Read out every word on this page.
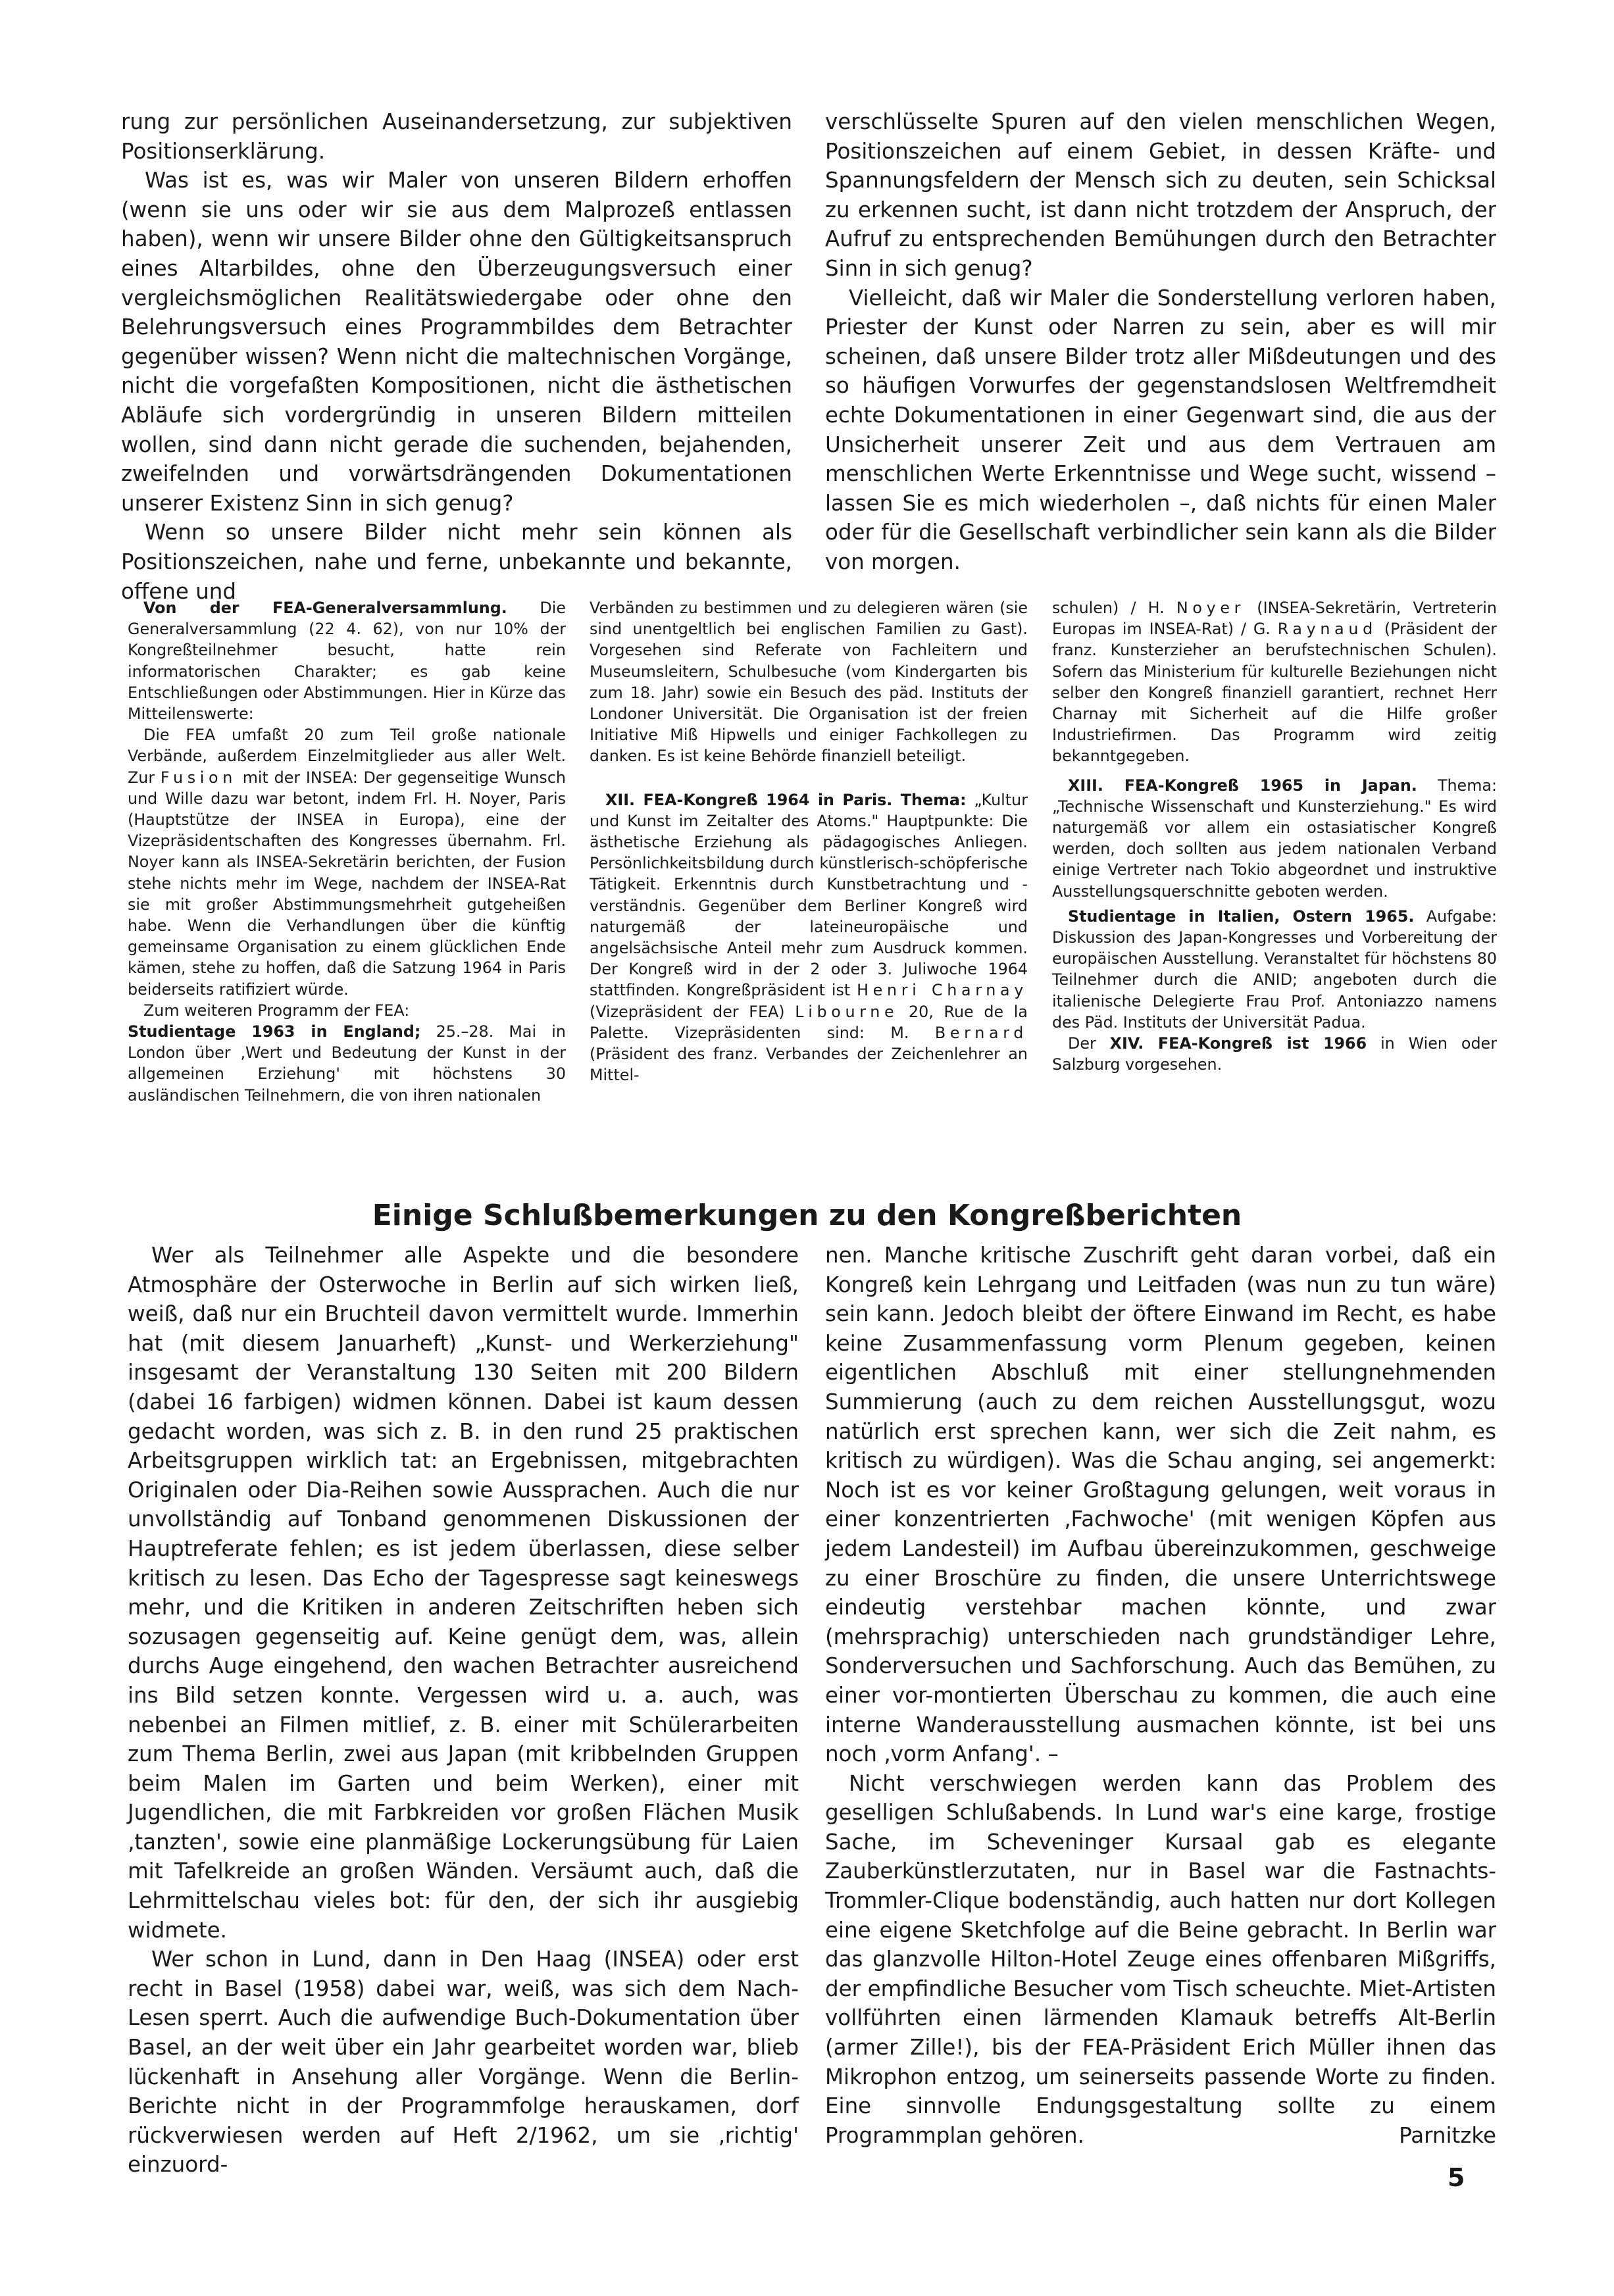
rung zur persönlichen Auseinandersetzung, zur subjektiven Positionserklärung.

Was ist es, was wir Maler von unseren Bildern erhoffen (wenn sie uns oder wir sie aus dem Malprozeß entlassen haben), wenn wir unsere Bilder ohne den Gültigkeitsanspruch eines Altarbildes, ohne den Überzeugungsversuch einer vergleichsmöglichen Realitätswiedergabe oder ohne den Belehrungsversuch eines Programmbildes dem Betrachter gegenüber wissen? Wenn nicht die maltechnischen Vorgänge, nicht die vorgefaßten Kompositionen, nicht die ästhetischen Abläufe sich vordergründig in unseren Bildern mitteilen wollen, sind dann nicht gerade die suchenden, bejahenden, zweifelnden und vorwärtsdrängenden Dokumentationen unserer Existenz Sinn in sich genug?

Wenn so unsere Bilder nicht mehr sein können als Positionszeichen, nahe und ferne, unbekannte und bekannte, offene und

verschlüsselte Spuren auf den vielen menschlichen Wegen, Positionszeichen auf einem Gebiet, in dessen Kräfte- und Spannungsfeldern der Mensch sich zu deuten, sein Schicksal zu erkennen sucht, ist dann nicht trotzdem der Anspruch, der Aufruf zu entsprechenden Bemühungen durch den Betrachter Sinn in sich genug?

Vielleicht, daß wir Maler die Sonderstellung verloren haben, Priester der Kunst oder Narren zu sein, aber es will mir scheinen, daß unsere Bilder trotz aller Mißdeutungen und des so häufigen Vorwurfes der gegenstandslosen Weltfremdheit echte Dokumentationen in einer Gegenwart sind, die aus der Unsicherheit unserer Zeit und aus dem Vertrauen am menschlichen Werte Erkenntnisse und Wege sucht, wissend – lassen Sie es mich wiederholen –, daß nichts für einen Maler oder für die Gesellschaft verbindlicher sein kann als die Bilder von morgen.

Von der FEA-Generalversammlung. Die Generalversammlung (22 4. 62), von nur 10% der Kongreßteilnehmer besucht, hatte rein informatorischen Charakter; es gab keine Entschließungen oder Abstimmungen. Hier in Kürze das Mitteilenswerte:

Die FEA umfaßt 20 zum Teil große nationale Verbände, außerdem Einzelmitglieder aus aller Welt. Zur Fusion mit der INSEA: Der gegenseitige Wunsch und Wille dazu war betont, indem Frl. H. Noyer, Paris (Hauptstütze der INSEA in Europa), eine der Vizepräsidentschaften des Kongresses übernahm. Frl. Noyer kann als INSEA-Sekretärin berichten, der Fusion stehe nichts mehr im Wege, nachdem der INSEA-Rat sie mit großer Abstimmungsmehrheit gutgeheißen habe. Wenn die Verhandlungen über die künftig gemeinsame Organisation zu einem glücklichen Ende kämen, stehe zu hoffen, daß die Satzung 1964 in Paris beiderseits ratifiziert würde.

Zum weiteren Programm der FEA:

Studientage 1963 in England; 25.–28. Mai in London über ‚Wert und Bedeutung der Kunst in der allgemeinen Erziehung' mit höchstens 30 ausländischen Teilnehmern, die von ihren nationalen

Verbänden zu bestimmen und zu delegieren wären (sie sind unentgeltlich bei englischen Familien zu Gast). Vorgesehen sind Referate von Fachleitern und Museumsleitern, Schulbesuche (vom Kindergarten bis zum 18. Jahr) sowie ein Besuch des päd. Instituts der Londoner Universität. Die Organisation ist der freien Initiative Miß Hipwells und einiger Fachkollegen zu danken. Es ist keine Behörde finanziell beteiligt.

XII. FEA-Kongreß 1964 in Paris. Thema: „Kultur und Kunst im Zeitalter des Atoms." Hauptpunkte: Die ästhetische Erziehung als pädagogisches Anliegen. Persönlichkeitsbildung durch künstlerisch-schöpferische Tätigkeit. Erkenntnis durch Kunstbetrachtung und -verständnis. Gegenüber dem Berliner Kongreß wird naturgemäß der lateineuropäische und angelsächsische Anteil mehr zum Ausdruck kommen. Der Kongreß wird in der 2 oder 3. Juliwoche 1964 stattfinden. Kongreßpräsident ist Henri Charnay (Vizepräsident der FEA) Libourne 20, Rue de la Palette. Vizepräsidenten sind: M. Bernard (Präsident des franz. Verbandes der Zeichenlehrer an Mittel-

schulen) / H. Noyer (INSEA-Sekretärin, Vertreterin Europas im INSEA-Rat) / G. Raynaud (Präsident der franz. Kunsterzieher an berufstechnischen Schulen). Sofern das Ministerium für kulturelle Beziehungen nicht selber den Kongreß finanziell garantiert, rechnet Herr Charnay mit Sicherheit auf die Hilfe großer Industriefirmen. Das Programm wird zeitig bekanntgegeben.

XIII. FEA-Kongreß 1965 in Japan. Thema: „Technische Wissenschaft und Kunsterziehung." Es wird naturgemäß vor allem ein ostasiatischer Kongreß werden, doch sollten aus jedem nationalen Verband einige Vertreter nach Tokio abgeordnet und instruktive Ausstellungsquerschnitte geboten werden.

Studientage in Italien, Ostern 1965. Aufgabe: Diskussion des Japan-Kongresses und Vorbereitung der europäischen Ausstellung. Veranstaltet für höchstens 80 Teilnehmer durch die ANID; angeboten durch die italienische Delegierte Frau Prof. Antoniazzo namens des Päd. Instituts der Universität Padua.

Der XIV. FEA-Kongreß ist 1966 in Wien oder Salzburg vorgesehen.

Einige Schlußbemerkungen zu den Kongreßberichten

Wer als Teilnehmer alle Aspekte und die besondere Atmosphäre der Osterwoche in Berlin auf sich wirken ließ, weiß, daß nur ein Bruchteil davon vermittelt wurde. Immerhin hat (mit diesem Januarheft) „Kunst- und Werkerziehung" insgesamt der Veranstaltung 130 Seiten mit 200 Bildern (dabei 16 farbigen) widmen können. Dabei ist kaum dessen gedacht worden, was sich z. B. in den rund 25 praktischen Arbeitsgruppen wirklich tat: an Ergebnissen, mitgebrachten Originalen oder Dia-Reihen sowie Aussprachen. Auch die nur unvollständig auf Tonband genommenen Diskussionen der Hauptreferate fehlen; es ist jedem überlassen, diese selber kritisch zu lesen. Das Echo der Tagespresse sagt keineswegs mehr, und die Kritiken in anderen Zeitschriften heben sich sozusagen gegenseitig auf. Keine genügt dem, was, allein durchs Auge eingehend, den wachen Betrachter ausreichend ins Bild setzen konnte. Vergessen wird u. a. auch, was nebenbei an Filmen mitlief, z. B. einer mit Schülerarbeiten zum Thema Berlin, zwei aus Japan (mit kribbelnden Gruppen beim Malen im Garten und beim Werken), einer mit Jugendlichen, die mit Farbkreiden vor großen Flächen Musik ‚tanzten', sowie eine planmäßige Lockerungsübung für Laien mit Tafelkreide an großen Wänden. Versäumt auch, daß die Lehrmittelschau vieles bot: für den, der sich ihr ausgiebig widmete.

Wer schon in Lund, dann in Den Haag (INSEA) oder erst recht in Basel (1958) dabei war, weiß, was sich dem Nach-Lesen sperrt. Auch die aufwendige Buch-Dokumentation über Basel, an der weit über ein Jahr gearbeitet worden war, blieb lückenhaft in Ansehung aller Vorgänge. Wenn die Berlin-Berichte nicht in der Programmfolge herauskamen, dorf rückverwiesen werden auf Heft 2/1962, um sie ‚richtig' einzuord-

nen. Manche kritische Zuschrift geht daran vorbei, daß ein Kongreß kein Lehrgang und Leitfaden (was nun zu tun wäre) sein kann. Jedoch bleibt der öftere Einwand im Recht, es habe keine Zusammenfassung vorm Plenum gegeben, keinen eigentlichen Abschluß mit einer stellungnehmenden Summierung (auch zu dem reichen Ausstellungsgut, wozu natürlich erst sprechen kann, wer sich die Zeit nahm, es kritisch zu würdigen). Was die Schau anging, sei angemerkt: Noch ist es vor keiner Großtagung gelungen, weit voraus in einer konzentrierten ‚Fachwoche' (mit wenigen Köpfen aus jedem Landesteil) im Aufbau übereinzukommen, geschweige zu einer Broschüre zu finden, die unsere Unterrichtswege eindeutig verstehbar machen könnte, und zwar (mehrsprachig) unterschieden nach grundständiger Lehre, Sonderversuchen und Sachforschung. Auch das Bemühen, zu einer vor-montierten Überschau zu kommen, die auch eine interne Wanderausstellung ausmachen könnte, ist bei uns noch ‚vorm Anfang'. –

Nicht verschwiegen werden kann das Problem des geselligen Schlußabends. In Lund war's eine karge, frostige Sache, im Scheveninger Kursaal gab es elegante Zauberkünstlerzutaten, nur in Basel war die Fastnachts-Trommler-Clique bodenständig, auch hatten nur dort Kollegen eine eigene Sketchfolge auf die Beine gebracht. In Berlin war das glanzvolle Hilton-Hotel Zeuge eines offenbaren Mißgriffs, der empfindliche Besucher vom Tisch scheuchte. Miet-Artisten vollführten einen lärmenden Klamauk betreffs Alt-Berlin (armer Zille!), bis der FEA-Präsident Erich Müller ihnen das Mikrophon entzog, um seinerseits passende Worte zu finden. Eine sinnvolle Endungsgestaltung sollte zu einem Programmplan gehören.	Parnitzke

5
